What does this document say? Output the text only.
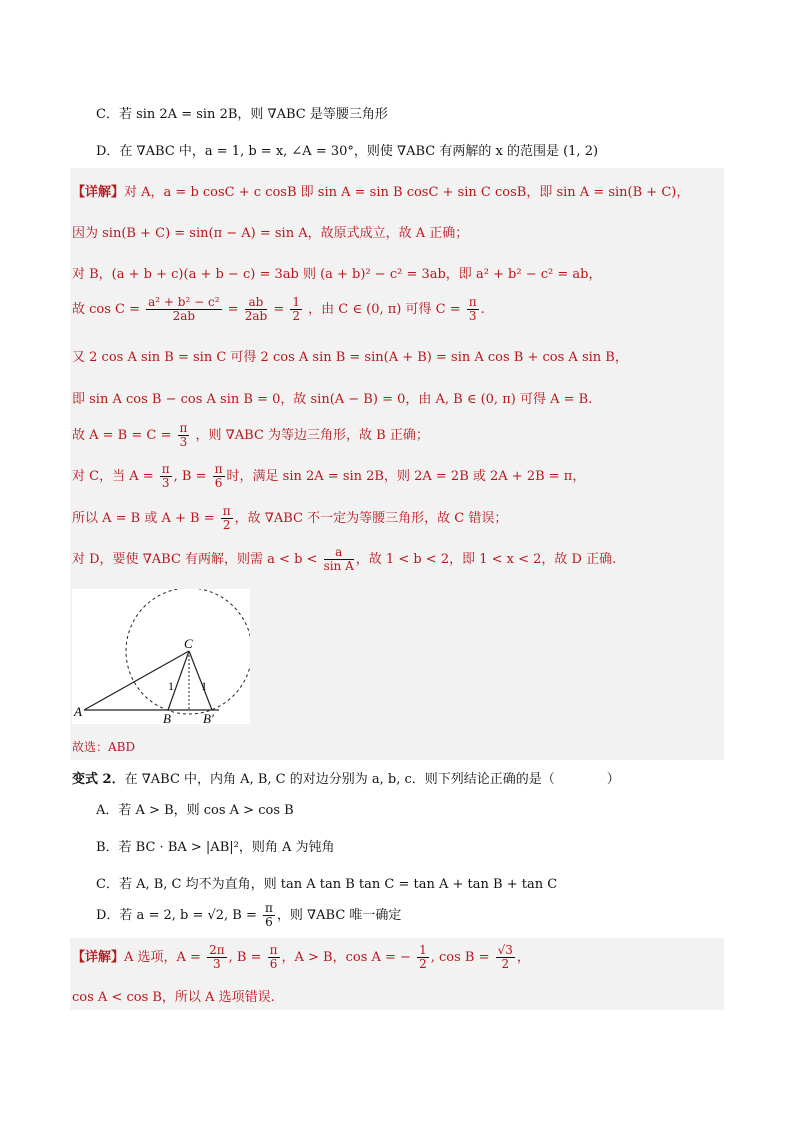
C．若 sin 2A = sin 2B，则 ∇ABC 是等腰三角形
D．在 ∇ABC 中，a = 1, b = x, ∠A = 30°，则使 ∇ABC 有两解的 x 的范围是 (1, 2)
【详解】对 A，a = b cosC + c cosB 即 sin A = sin B cosC + sin C cosB，即 sin A = sin(B + C)，
因为 sin(B + C) = sin(π − A) = sin A，故原式成立，故 A 正确；
对 B，(a + b + c)(a + b − c) = 3ab 则 (a + b)² − c² = 3ab，即 a² + b² − c² = ab，
故 $\cos C = \frac{\text{a² + b² − c²}}{2ab} = \frac{ab}{2ab} = \frac{1}{2}$ ，由 C ∈ (0, π) 可得 $C = \frac{\pi}{3}$ .
又 2 cos A sin B = sin C 可得 2 cos A sin B = sin(A + B) = sin A cos B + cos A sin B，
即 sin A cos B − cos A sin B = 0，故 sin(A − B) = 0，由 A, B ∈ (0, π) 可得 A = B.
故 $A = B = C = \frac{\pi}{3}$ ，则 ∇ABC 为等边三角形，故 B 正确；
对 C，当 $A = \frac{\pi}{3}$ , $B = \frac{\pi}{6}$ 时，满足 sin 2A = sin 2B，则 2A = 2B 或 2A + 2B = π，
所以 A = B 或 $A + B = \frac{\pi}{2}$ ，故 ∇ABC 不一定为等腰三角形，故 C 错误；
对 D，要使 ∇ABC 有两解，则需 $a < b < \frac{a}{\text{sin A}}$ ，故 1 < b < 2，即 1 < x < 2，故 D 正确.
A	B B′
C
1 1
故选：ABD
变式 2．在 ∇ABC 中，内角 A, B, C 的对边分别为 a, b, c．则下列结论正确的是（　　　　）
A．若 A > B，则 cos A > cos B
B．若 BC · BA > |AB|²，则角 A 为钝角
C．若 A, B, C 均不为直角，则 tan A tan B tan C = tan A + tan B + tan C
D．若 a = 2, b = √2, $B = \frac{\pi}{6}$ ，则 ∇ABC 唯一确定
【详解】A 选项，$A = \frac{2\pi}{3}$ , $B = \frac{\pi}{6}$ ，A > B，cos A = − $\frac{1}{2}$ , $\cos B = \frac{√3}{2}$ ，
cos A < cos B，所以 A 选项错误.
